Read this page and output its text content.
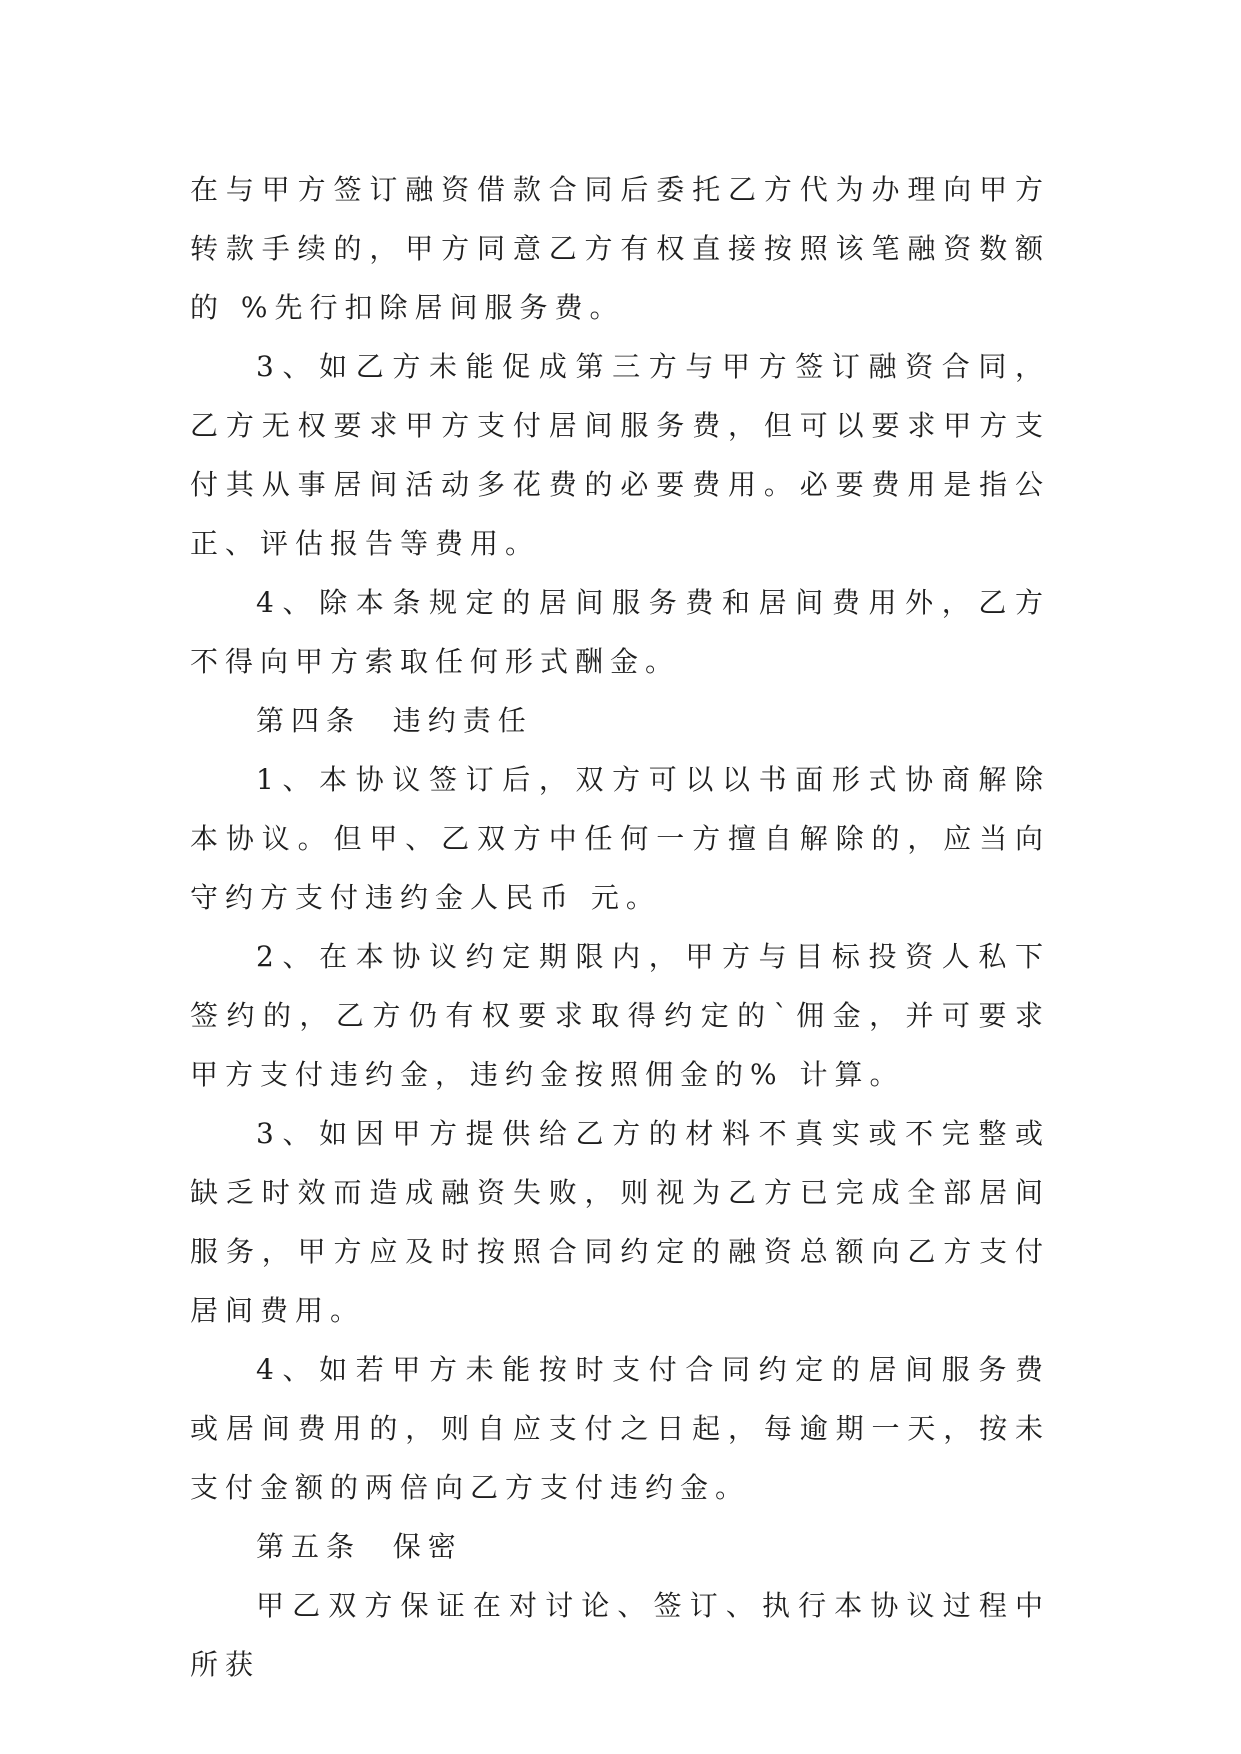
在与甲方签订融资借款合同后委托乙方代为办理向甲方转款手续的，甲方同意乙方有权直接按照该笔融资数额的 %先行扣除居间服务费。

3、如乙方未能促成第三方与甲方签订融资合同，乙方无权要求甲方支付居间服务费，但可以要求甲方支付其从事居间活动多花费的必要费用。必要费用是指公正、评估报告等费用。

4、除本条规定的居间服务费和居间费用外，乙方不得向甲方索取任何形式酬金。

第四条  违约责任

1、本协议签订后，双方可以以书面形式协商解除本协议。但甲、乙双方中任何一方擅自解除的，应当向守约方支付违约金人民币 元。

2、在本协议约定期限内，甲方与目标投资人私下签约的，乙方仍有权要求取得约定的`佣金，并可要求甲方支付违约金，违约金按照佣金的% 计算。

3、如因甲方提供给乙方的材料不真实或不完整或缺乏时效而造成融资失败，则视为乙方已完成全部居间服务，甲方应及时按照合同约定的融资总额向乙方支付居间费用。

4、如若甲方未能按时支付合同约定的居间服务费或居间费用的，则自应支付之日起，每逾期一天，按未支付金额的两倍向乙方支付违约金。

第五条  保密

甲乙双方保证在对讨论、签订、执行本协议过程中所获
